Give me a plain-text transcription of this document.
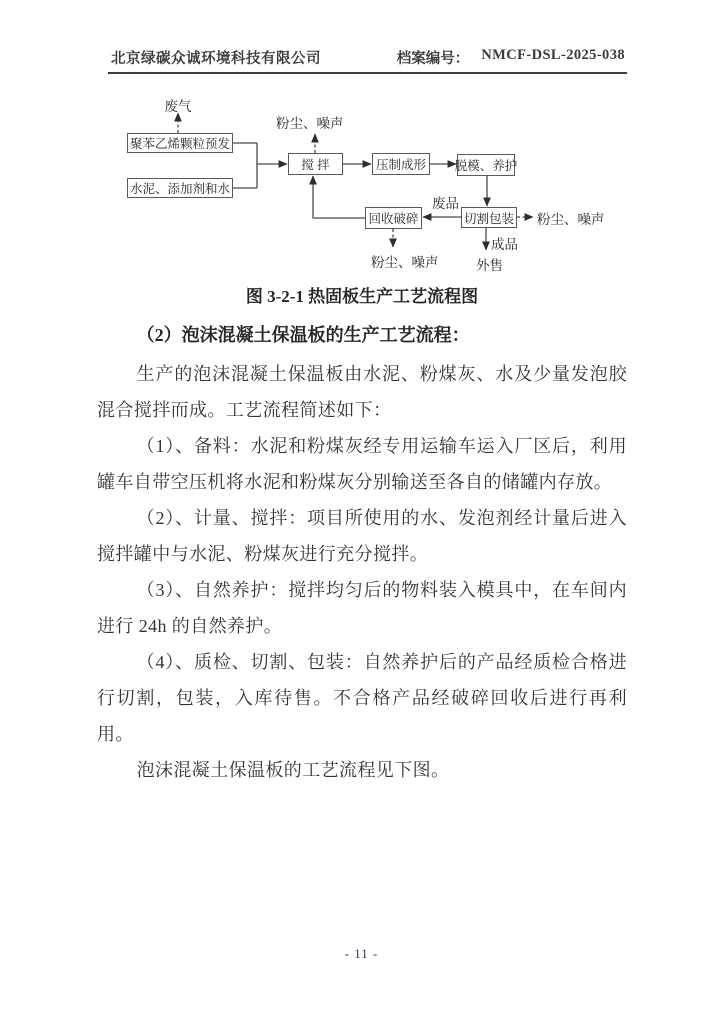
北京绿碳众诚环境科技有限公司	档案编号： NMCF-DSL-2025-038
聚苯乙烯颗粒预发
水泥、添加剂和水
搅 拌	压制成形	脱模、养护
切割包装
回收破碎
废气
粉尘、噪声
废品
粉尘、噪声
成品
外售
粉尘、噪声
图 3-2-1 热固板生产工艺流程图
（2）泡沫混凝土保温板的生产工艺流程：

生产的泡沫混凝土保温板由水泥、粉煤灰、水及少量发泡胶混合搅拌而成。工艺流程简述如下：

（1）、备料：水泥和粉煤灰经专用运输车运入厂区后，利用罐车自带空压机将水泥和粉煤灰分别输送至各自的储罐内存放。

（2）、计量、搅拌：项目所使用的水、发泡剂经计量后进入搅拌罐中与水泥、粉煤灰进行充分搅拌。

（3）、自然养护：搅拌均匀后的物料装入模具中，在车间内进行 24h 的自然养护。

（4）、质检、切割、包装：自然养护后的产品经质检合格进行切割，包装，入库待售。不合格产品经破碎回收后进行再利用。

泡沫混凝土保温板的工艺流程见下图。

- 11 -
